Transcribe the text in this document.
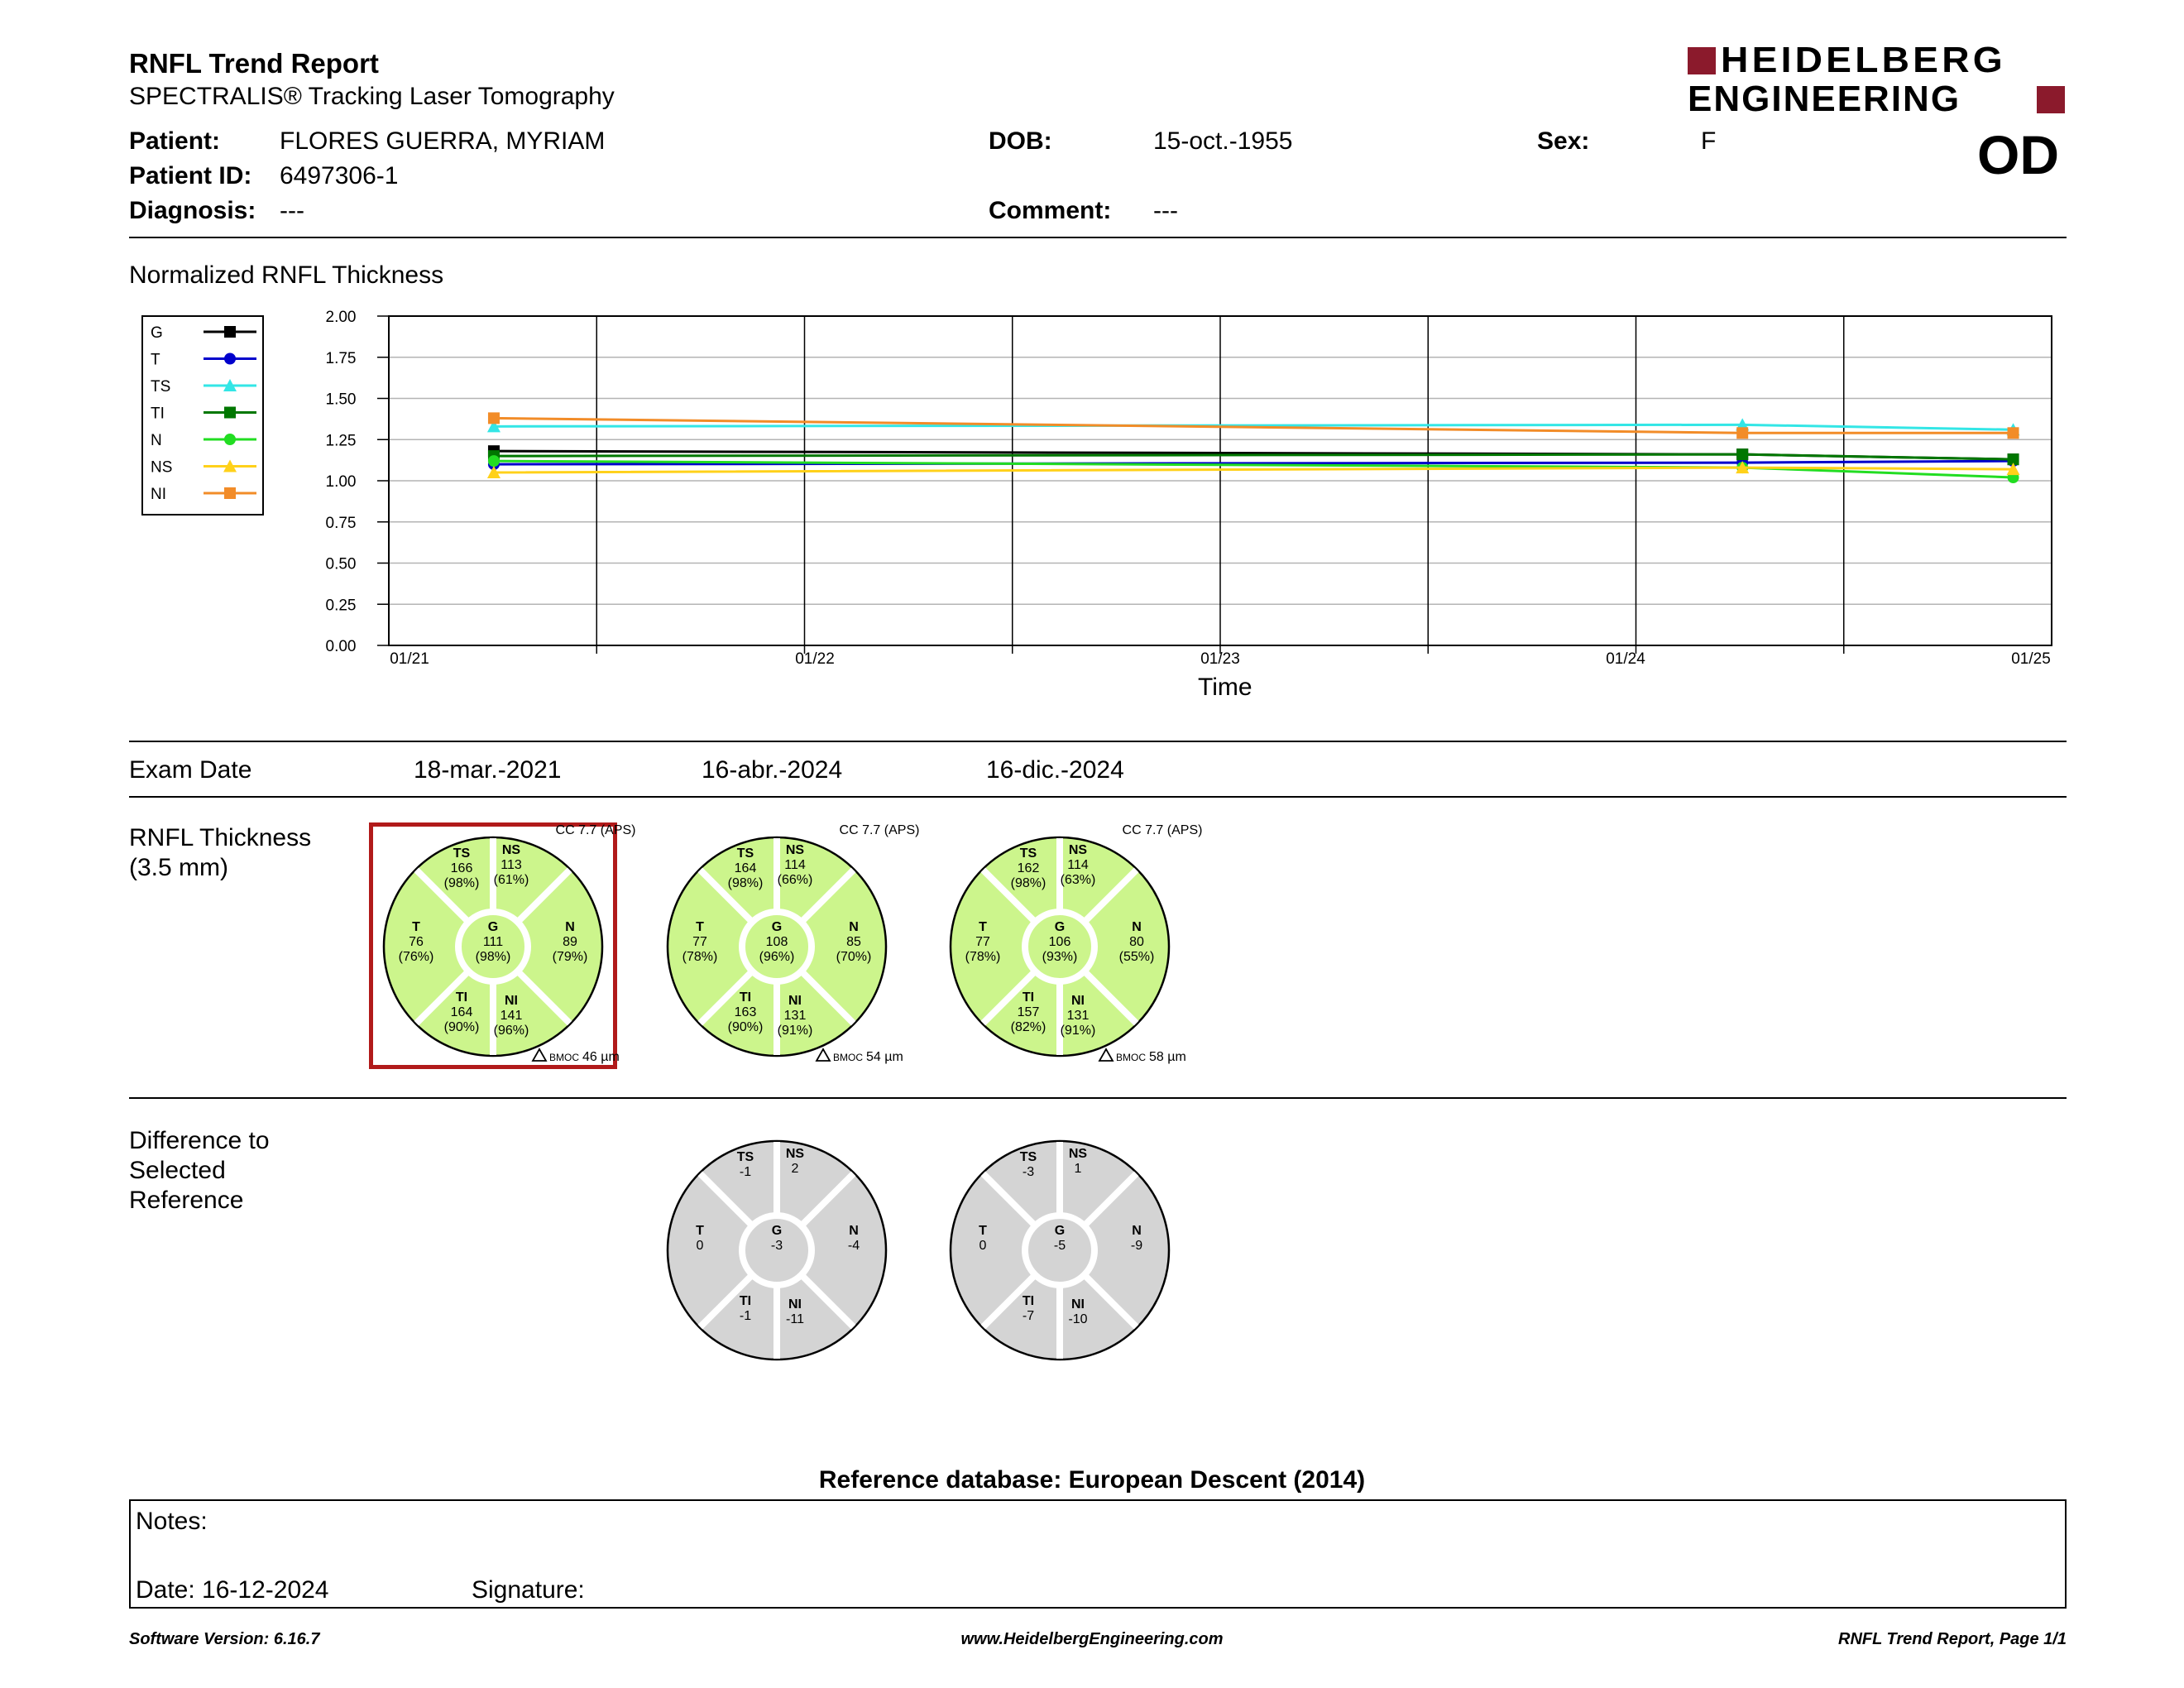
RNFL Trend Report
SPECTRALIS® Tracking Laser Tomography
HEIDELBERG
ENGINEERING
Patient: FLORES GUERRA, MYRIAM
Patient ID: 6497306-1
Diagnosis: ---
DOB:	15-oct.-1955
Comment: ---
Sex:	F	OD
Normalized RNFL Thickness
G
T
TS
TI
N
NS
NI
0.00
0.25
0.50
0.75
1.00
1.25
1.50
1.75
2.00
01/21	01/22	01/23	01/24	01/25
Time
Exam Date	18-mar.-2021	16-abr.-2024	16-dic.-2024
RNFL Thickness
(3.5 mm)
TS
166
(98%)
NS
113
(61%)
T
76
(76%)
G
111
(98%)
N
89
(79%)
TI
164
(90%)
NI
141
(96%)
CC 7.7 (APS)
BMOC 46 µm
TS
164
(98%)
NS
114
(66%)
T
77
(78%)
G
108
(96%)
N
85
(70%)
TI
163
(90%)
NI
131
(91%)
CC 7.7 (APS)
BMOC 54 µm
TS
162
(98%)
NS
114
(63%)
T
77
(78%)
G
106
(93%)
N
80
(55%)
TI
157
(82%)
NI
131
(91%)
CC 7.7 (APS)
BMOC 58 µm
Difference to
Selected
Reference
TS
-1
NS
2
T
0
G
-3
N
-4
TI
-1
NI
-11
TS
-3
NS
1
T
0
G
-5
N
-9
TI
-7
NI
-10
Reference database: European Descent (2014)
Notes:
Date: 16-12-2024	Signature:
Software Version: 6.16.7	www.HeidelbergEngineering.com	RNFL Trend Report, Page 1/1
